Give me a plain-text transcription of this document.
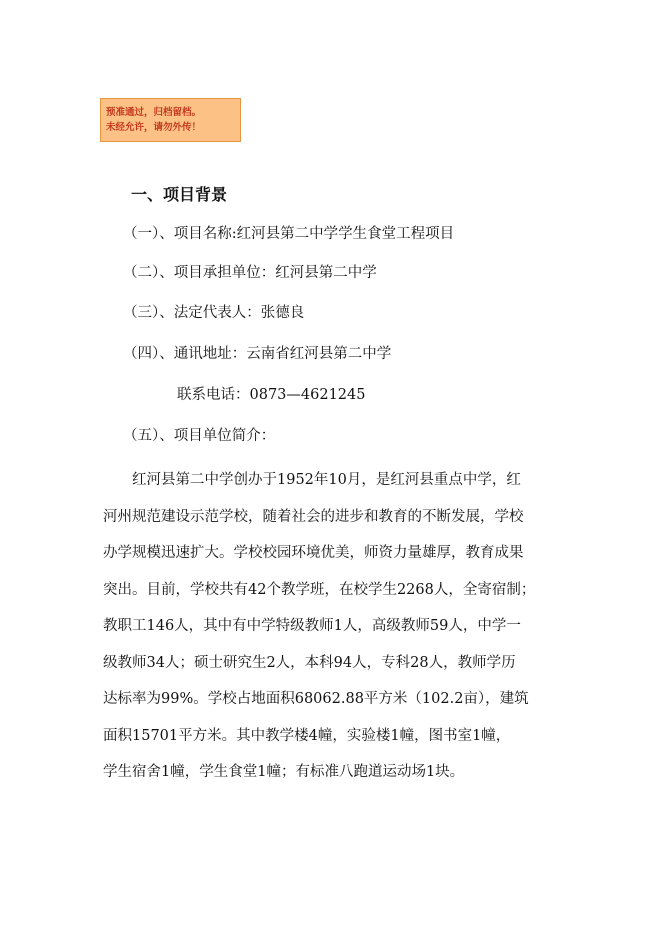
预准通过，归档留档。
未经允许，请勿外传！
一、项目背景
（一）、项目名称:红河县第二中学学生食堂工程项目
（二）、项目承担单位：红河县第二中学
（三）、法定代表人：张德良
（四）、通讯地址：云南省红河县第二中学
联系电话：0873—4621245
（五）、项目单位简介：
　　红河县第二中学创办于1952年10月，是红河县重点中学，红
河州规范建设示范学校，随着社会的进步和教育的不断发展，学校
办学规模迅速扩大。学校校园环境优美，师资力量雄厚，教育成果
突出。目前，学校共有42个教学班，在校学生2268人，全寄宿制；
教职工146人，其中有中学特级教师1人，高级教师59人，中学一
级教师34人；硕士研究生2人，本科94人，专科28人，教师学历
达标率为99%。学校占地面积68062.88平方米（102.2亩），建筑
面积15701平方米。其中教学楼4幢，实验楼1幢，图书室1幢，
学生宿舍1幢，学生食堂1幢；有标准八跑道运动场1块。
